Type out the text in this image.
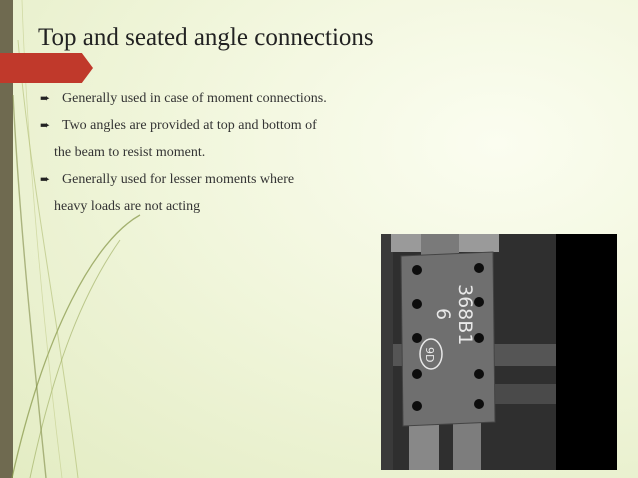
Top and seated angle connections
➨ Generally used in case of moment connections.
➨ Two angles are provided at top and bottom of
the beam to resist moment.
➨ Generally used for lesser moments where
heavy loads are not acting
368B1
6
9D
